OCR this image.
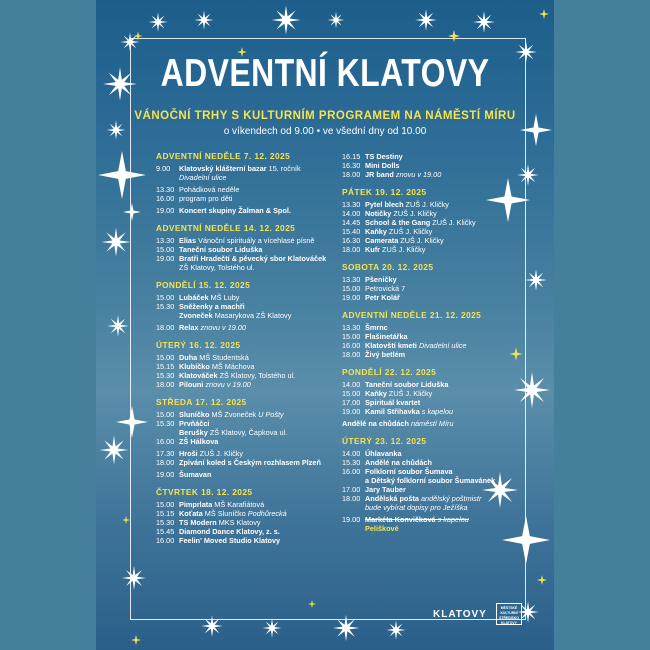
ADVENTNÍ KLATOVY
VÁNOČNÍ TRHY S KULTURNÍM PROGRAMEM NA NÁMĚSTÍ MÍRU
o víkendech od 9.00 • ve všední dny od 10.00
ADVENTNÍ NEDĚLE 7. 12. 2025
9.00	Klatovský klášterní bazar 15. ročník
Divadelní ulice
13.30 Pohádková neděle
16.00 program pro děti
19.00 Koncert skupiny Žalman & Spol.
ADVENTNÍ NEDĚLE 14. 12. 2025
13.30 Elias Vánoční spirituály a vícehlasé písně
15.00 Taneční soubor Liduška
19.00 Bratři Hradečtí & pěvecký sbor Klatováček
ZŠ Klatovy, Tolstého ul.
PONDĚLÍ 15. 12. 2025
15.00 Lubáček MŠ Luby
15.30 Sněženky a machři
Zvoneček Masarykova ZŠ Klatovy
18.00 Relax znovu v 19.00
ÚTERÝ 16. 12. 2025
15.00 Duha MŠ Studentská
15.15 Klubíčko MŠ Máchova
15.30 Klatováček ZŠ Klatovy, Tolstého ul.
18.00 Pilouni znovu v 19.00
STŘEDA 17. 12. 2025
15.00 Sluníčko MŠ Zvoneček U Pošty
15.30 Prvňáčci
Berušky ZŠ Klatovy, Čapkova ul.
16.00 ZŠ Hálkova
17.30 Hroši ZUŠ J. Kličky
18.00 Zpívání koled s Českým rozhlasem Plzeň
19.00 Šumavan
ČTVRTEK 18. 12. 2025
15.00 Pimprlata MŠ Karafiátová
15.15 Koťata MŠ Sluníčko Podhůrecká
15.30 TS Modern MKS Klatovy
15.45 Diamond Dance Klatovy, z. s.
16.00 Feelin' Moved Studio Klatovy
16.15 TS Destiny
16.30 Mini Dolls
18.00 JR band znovu v 19.00
PÁTEK 19. 12. 2025
13.30 Pytel blech ZUŠ J. Kličky
14.00 Notičky ZUŠ J. Kličky
14.45 School & the Gang ZUŠ J. Kličky
15.40 Kaňky ZUŠ J. Kličky
16.30 Camerata ZUŠ J. Kličky
18.00 Kufr ZUŠ J. Kličky
SOBOTA 20. 12. 2025
13.30 Pšeničky
15.00 Petrovická 7
19.00 Petr Kolář
ADVENTNÍ NEDĚLE 21. 12. 2025
13.30 Šmrnc
15.00 Flašinetářka
16.00 Klatovští kmeti Divadelní ulice
18.00 Živý betlém
PONDĚLÍ 22. 12. 2025
14.00 Taneční soubor Liduška
15.00 Kaňky ZUŠ J. Kličky
17.00 Spirituál kvartet
19.00 Kamil Střihavka s kapelou
Andělé na chůdách náměstí Míru
ÚTERÝ 23. 12. 2025
14.00 Úhlavanka
15.30 Andělé na chůdách
16.00 Folklorní soubor Šumava
a Dětský folklorní soubor Šumavánek
17.00 Jary Tauber
18.00 Andělská pošta andělský poštmistr
bude vybírat dopisy pro Ježíška
19.00 Markéta Konvičková s kapelou
Peliškové
KLATOVY
MĚSTSKÉ KULTURNÍ STŘEDISKO KLATOVY
